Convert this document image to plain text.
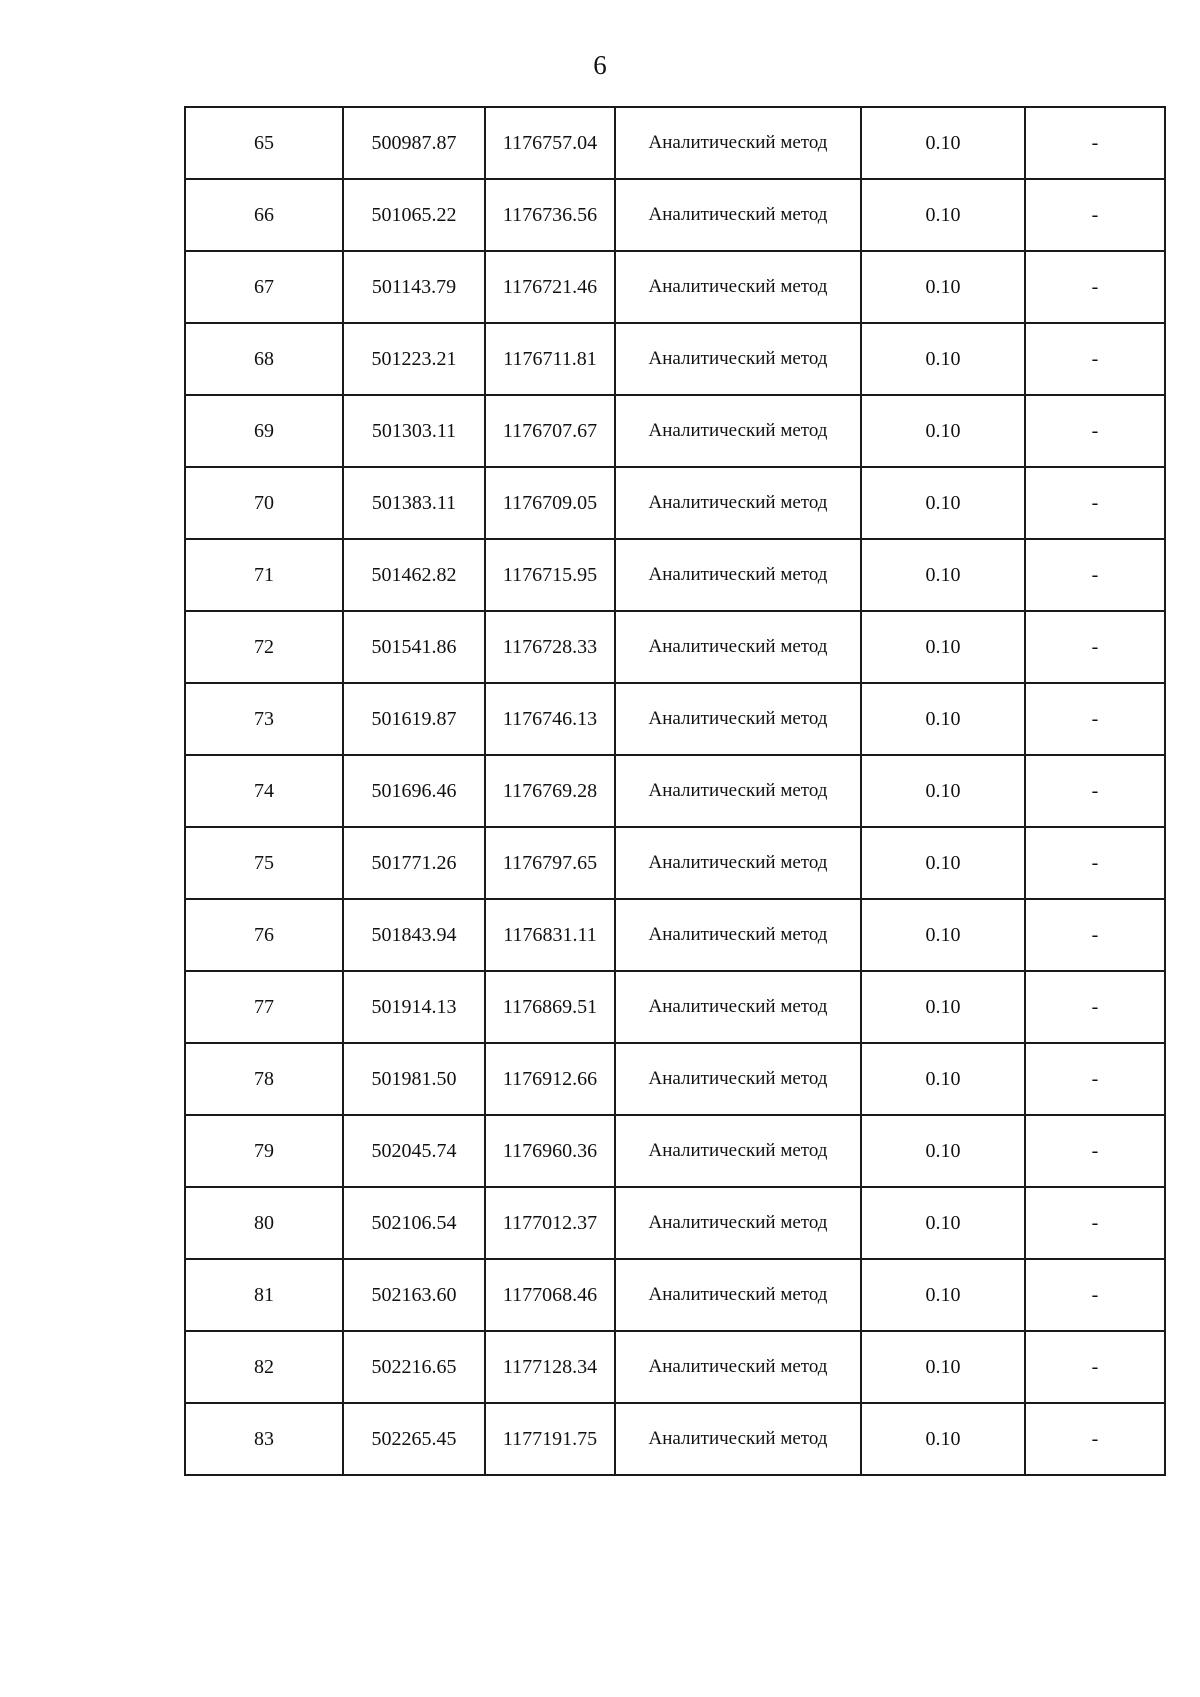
6
65	500987.87	1176757.04	Аналитический метод	0.10	-
66	501065.22	1176736.56	Аналитический метод	0.10	-
67	501143.79	1176721.46	Аналитический метод	0.10	-
68	501223.21	1176711.81	Аналитический метод	0.10	-
69	501303.11	1176707.67	Аналитический метод	0.10	-
70	501383.11	1176709.05	Аналитический метод	0.10	-
71	501462.82	1176715.95	Аналитический метод	0.10	-
72	501541.86	1176728.33	Аналитический метод	0.10	-
73	501619.87	1176746.13	Аналитический метод	0.10	-
74	501696.46	1176769.28	Аналитический метод	0.10	-
75	501771.26	1176797.65	Аналитический метод	0.10	-
76	501843.94	1176831.11	Аналитический метод	0.10	-
77	501914.13	1176869.51	Аналитический метод	0.10	-
78	501981.50	1176912.66	Аналитический метод	0.10	-
79	502045.74	1176960.36	Аналитический метод	0.10	-
80	502106.54	1177012.37	Аналитический метод	0.10	-
81	502163.60	1177068.46	Аналитический метод	0.10	-
82	502216.65	1177128.34	Аналитический метод	0.10	-
83	502265.45	1177191.75	Аналитический метод	0.10	-
